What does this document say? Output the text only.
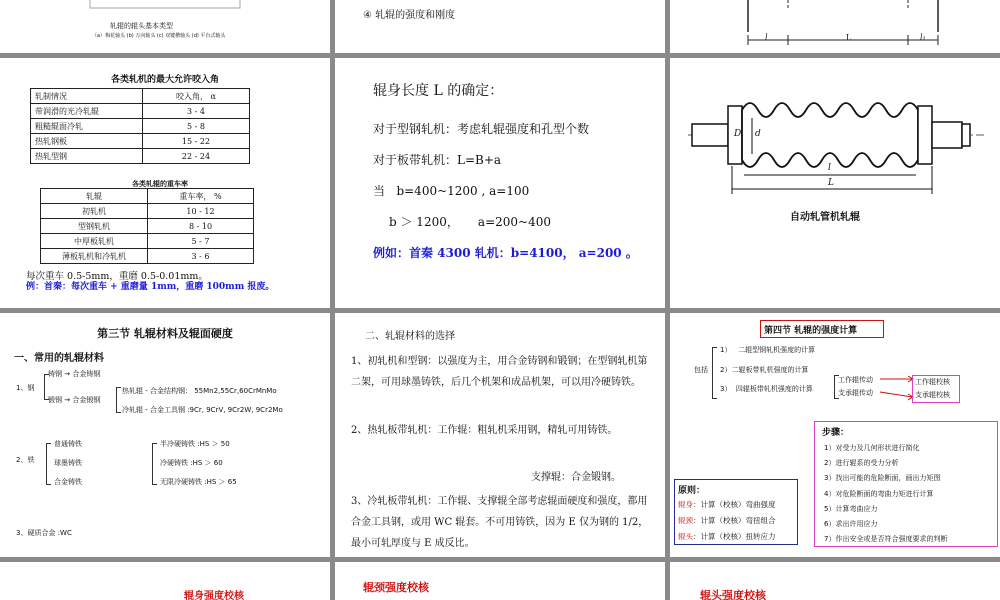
轧辊的辊头基本类型
（a）梅花轴头 (b) 万向轴头 (c) 双键槽轴头 (d) 平台式轴头
④ 轧辊的强度和刚度
l	L	l₁
各类轧机的最大允许咬入角
轧制情况	咬入角， α
带润滑的光冷轧辊	3 - 4
粗糙辊面冷轧	5 - 8
热轧钢板	15 - 22
热轧型钢	22 - 24
各类轧辊的重车率
轧辊	重车率， %
初轧机	10 - 12
型钢轧机	8 - 10
中厚板轧机	5 - 7
薄板轧机和冷轧机	3 - 6
每次重车 0.5-5mm，重磨 0.5-0.01mm。
例：首秦：每次重车 + 重磨量 1mm，重磨 100mm 报废。
辊身长度 L 的确定：
对于型钢轧机：考虑轧辊强度和孔型个数
对于板带轧机：L=B+a
当   b=400~1200 , a=100
b ＞ 1200，     a=200~400
例如：首秦 4300 轧机：b=4100， a=200 。
D d
l
L
自动轧管机轧辊
第三节 轧辊材料及辊面硬度
一、常用的轧辊材料
1、钢
铸钢 → 合金铸钢
锻钢 → 合金锻钢
热轧辊 - 合金结构钢： 55Mn2,55Cr,60CrMnMo
冷轧辊 - 合金工具钢 :9Cr, 9CrV, 9Cr2W, 9Cr2Mo
2、铁
普通铸铁
球墨铸铁
合金铸铁
半冷硬铸铁 :HS ＞ 50
冷硬铸铁 :HS ＞ 60
无限冷硬铸铁 :HS ＞ 65
3、硬质合金 :WC
二、轧辊材料的选择
1、初轧机和型钢：以强度为主，用合金铸钢和锻钢；在型钢轧机第二架，可用球墨铸铁，后几个机架和成品机架，可以用冷硬铸铁。
2、热轧板带轧机：工作辊：粗轧机采用钢，精轧可用铸铁。
支撑辊：合金锻钢。
3、冷轧板带轧机：工作辊、支撑辊全部考虑辊面硬度和强度，都用合金工具钢，或用 WC 辊套。不可用铸铁，因为 E 仅为钢的 1/2，最小可轧厚度与 E 成反比。
第四节 轧辊的强度计算
包括
1）   二辊型钢轧机强度的计算
2）二辊板带轧机强度的计算
3）  四辊板带轧机强度的计算
工作辊传动
支承辊传动
工作辊校核
支承辊校核
步骤：
1）对受力及几何形状进行简化
2）进行辊系的受力分析
3）找出可能的危险断面，画出力矩图
4）对危险断面的弯曲力矩进行计算
5）计算弯曲应力
6）求出许用应力
7）作出安全或是否符合强度要求的判断
原则：
辊身：计算（校核）弯曲强度
辊颈：计算（校核）弯扭组合
辊头：计算（校核）扭转应力
辊身强度校核
辊颈强度校核
辊头强度校核
